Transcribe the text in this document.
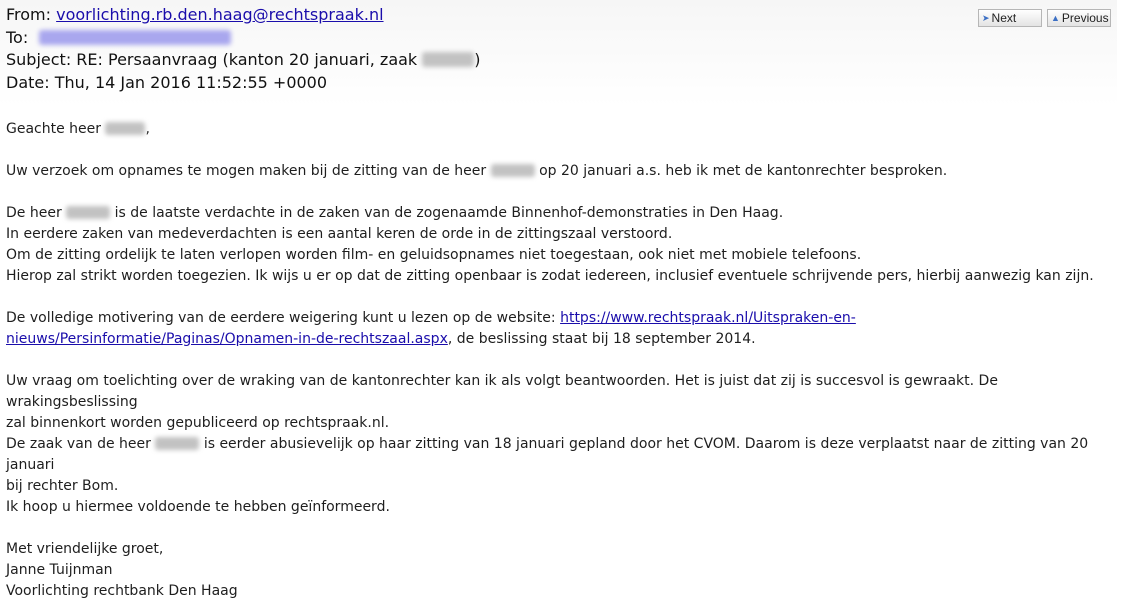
From: voorlichting.rb.den.haag@rechtspraak.nl
To:
Subject: RE: Persaanvraag (kanton 20 januari, zaak	)
Date: Thu, 14 Jan 2016 11:52:55 +0000
➤ Next	▲ Previous

Geachte heer	,

Uw verzoek om opnames te mogen maken bij de zitting van de heer	op 20 januari a.s. heb ik met de kantonrechter besproken.

De heer	is de laatste verdachte in de zaken van de zogenaamde Binnenhof-demonstraties in Den Haag.

In eerdere zaken van medeverdachten is een aantal keren de orde in de zittingszaal verstoord.

Om de zitting ordelijk te laten verlopen worden film- en geluidsopnames niet toegestaan, ook niet met mobiele telefoons.

Hierop zal strikt worden toegezien. Ik wijs u er op dat de zitting openbaar is zodat iedereen, inclusief eventuele schrijvende pers, hierbij aanwezig kan zijn.

De volledige motivering van de eerdere weigering kunt u lezen op de website: https://www.rechtspraak.nl/Uitspraken-en-
nieuws/Persinformatie/Paginas/Opnamen-in-de-rechtszaal.aspx, de beslissing staat bij 18 september 2014.

Uw vraag om toelichting over de wraking van de kantonrechter kan ik als volgt beantwoorden. Het is juist dat zij is succesvol is gewraakt. De wrakingsbeslissing

zal binnenkort worden gepubliceerd op rechtspraak.nl.

De zaak van de heer	is eerder abusievelijk op haar zitting van 18 januari gepland door het CVOM. Daarom is deze verplaatst naar de zitting van 20 januari

bij rechter Bom.

Ik hoop u hiermee voldoende te hebben geïnformeerd.

Met vriendelijke groet,

Janne Tuijnman

Voorlichting rechtbank Den Haag
